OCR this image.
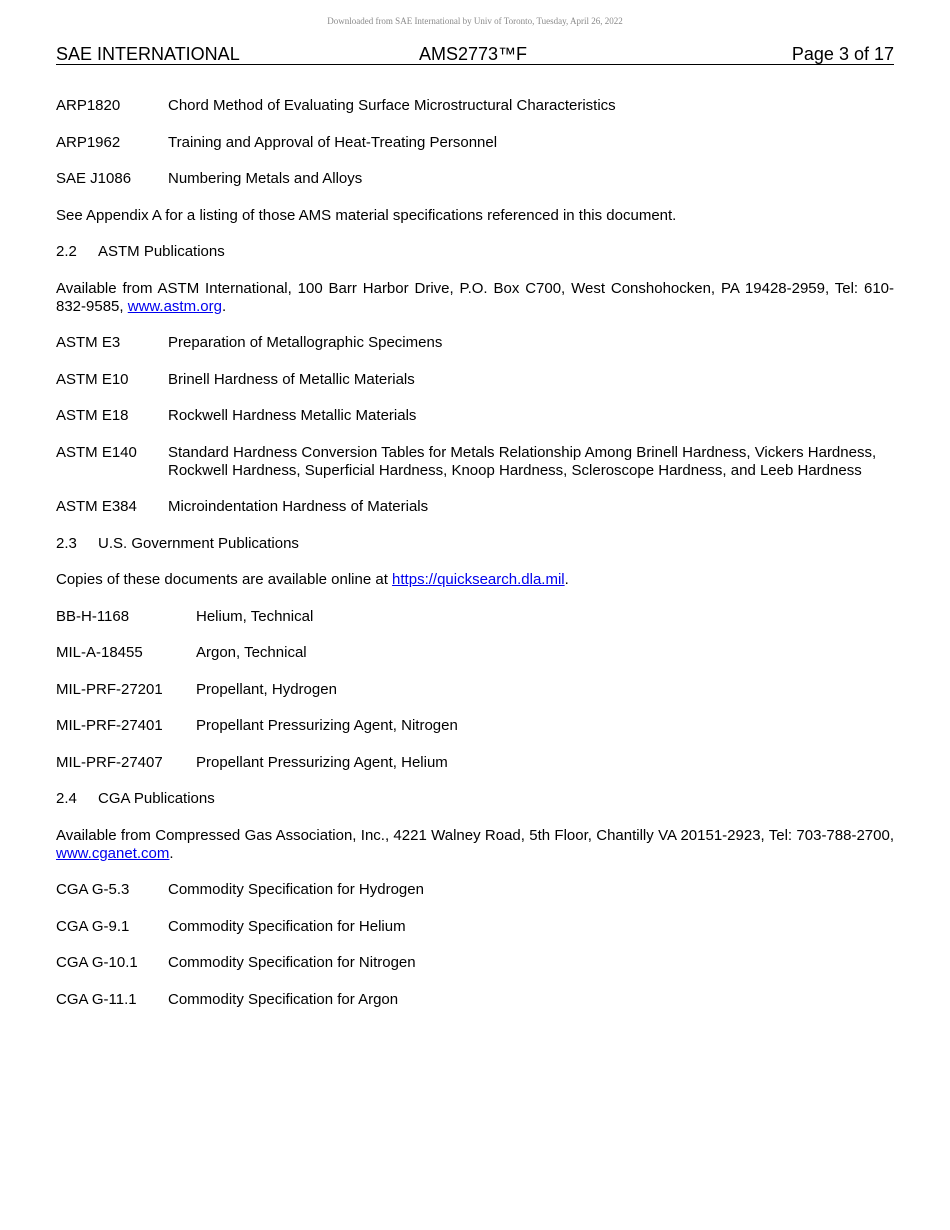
Downloaded from SAE International by Univ of Toronto, Tuesday, April 26, 2022
SAE INTERNATIONAL	AMS2773™F	Page 3 of 17
ARP1820	Chord Method of Evaluating Surface Microstructural Characteristics
ARP1962	Training and Approval of Heat-Treating Personnel
SAE J1086	Numbering Metals and Alloys
See Appendix A for a listing of those AMS material specifications referenced in this document.
2.2	ASTM Publications
Available from ASTM International, 100 Barr Harbor Drive, P.O. Box C700, West Conshohocken, PA 19428-2959, Tel: 610-832-9585, www.astm.org.
ASTM E3	Preparation of Metallographic Specimens
ASTM E10	Brinell Hardness of Metallic Materials
ASTM E18	Rockwell Hardness Metallic Materials
ASTM E140	Standard Hardness Conversion Tables for Metals Relationship Among Brinell Hardness, Vickers Hardness, Rockwell Hardness, Superficial Hardness, Knoop Hardness, Scleroscope Hardness, and Leeb Hardness
ASTM E384	Microindentation Hardness of Materials
2.3	U.S. Government Publications
Copies of these documents are available online at https://quicksearch.dla.mil.
BB-H-1168	Helium, Technical
MIL-A-18455	Argon, Technical
MIL-PRF-27201	Propellant, Hydrogen
MIL-PRF-27401	Propellant Pressurizing Agent, Nitrogen
MIL-PRF-27407	Propellant Pressurizing Agent, Helium
2.4	CGA Publications
Available from Compressed Gas Association, Inc., 4221 Walney Road, 5th Floor, Chantilly VA 20151-2923, Tel: 703-788-2700, www.cganet.com.
CGA G-5.3	Commodity Specification for Hydrogen
CGA G-9.1	Commodity Specification for Helium
CGA G-10.1	Commodity Specification for Nitrogen
CGA G-11.1	Commodity Specification for Argon
